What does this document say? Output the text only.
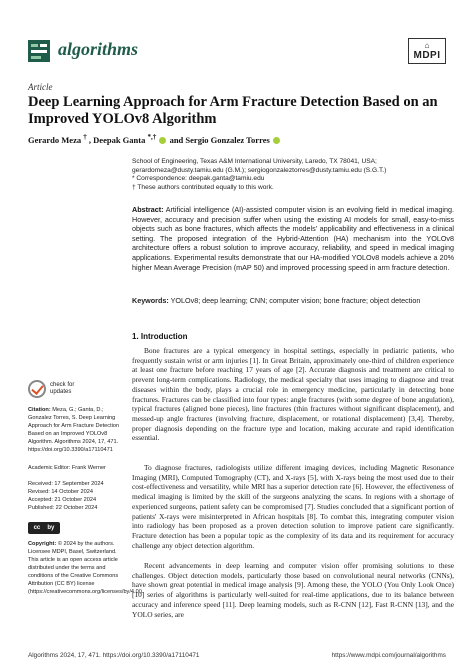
algorithms	⌂
MDPI
Article
Deep Learning Approach for Arm Fracture Detection Based on an Improved YOLOv8 Algorithm
Gerardo Meza † , Deepak Ganta *,†  and Sergio Gonzalez Torres
School of Engineering, Texas A&M International University, Laredo, TX 78041, USA;
gerardomeza@dusty.tamiu.edu (G.M.); sergiogonzaleztorres@dusty.tamiu.edu (S.G.T.)
* Correspondence: deepak.ganta@tamiu.edu
† These authors contributed equally to this work.
Abstract: Artificial intelligence (AI)-assisted computer vision is an evolving field in medical imaging. However, accuracy and precision suffer when using the existing AI models for small, easy-to-miss objects such as bone fractures, which affects the models' applicability and effectiveness in a clinical setting. The proposed integration of the Hybrid-Attention (HA) mechanism into the YOLOv8 architecture offers a robust solution to improve accuracy, reliability, and speed in medical imaging applications. Experimental results demonstrate that our HA-modified YOLOv8 models achieve a 20% higher Mean Average Precision (mAP 50) and improved processing speed in arm fracture detection.
Keywords: YOLOv8; deep learning; CNN; computer vision; bone fracture; object detection
check for
updates
Citation: Meza, G.; Ganta, D.; Gonzalez Torres, S. Deep Learning Approach for Arm Fracture Detection Based on an Improved YOLOv8 Algorithm. Algorithms 2024, 17, 471. https://doi.org/10.3390/a17110471
Academic Editor: Frank Werner
Received: 17 September 2024
Revised: 14 October 2024
Accepted: 21 October 2024
Published: 22 October 2024
cc by
Copyright: © 2024 by the authors. Licensee MDPI, Basel, Switzerland. This article is an open access article distributed under the terms and conditions of the Creative Commons Attribution (CC BY) license (https://creativecommons.org/licenses/by/4.0/).
1. Introduction
Bone fractures are a typical emergency in hospital settings, especially in pediatric patients, who frequently sustain wrist or arm injuries [1]. In Great Britain, approximately one-third of children experience at least one fracture before reaching 17 years of age [2]. Accurate diagnosis and treatment are critical to prevent long-term complications. Radiology, the medical specialty that uses imaging to diagnose and treat diseases within the body, plays a crucial role in emergency medicine, particularly in detecting bone fractures. Fractures can be classified into four types: angle fractures (with some degree of bone angulation), typical fractures (aligned bone pieces), line fractures (thin fractures without significant displacement), and messed-up angle fractures (involving fracture, displacement, or rotational displacement) [3,4]. Thereby, proper diagnosis depending on the fracture type and location, making accurate and rapid identification essential.
To diagnose fractures, radiologists utilize different imaging devices, including Magnetic Resonance Imaging (MRI), Computed Tomography (CT), and X-rays [5], with X-rays being the most used due to their cost-effectiveness and versatility, while MRI has a superior detection rate [6]. However, the effectiveness of medical imaging is limited by the skill of the surgeons analyzing the scans. In regions with a shortage of experienced surgeons, patient safety can be compromised [7]. Studies concluded that a significant portion of patients' X-rays were misinterpreted in African hospitals [8]. To combat this, integrating computer vision into radiology has been proposed as a proven detection solution to improve patient care significantly. Fracture detection has been a popular topic as the complexity of its data and its requirement for accuracy challenge any object detection algorithm.
Recent advancements in deep learning and computer vision offer promising solutions to these challenges. Object detection models, particularly those based on convolutional neural networks (CNNs), have shown great potential in medical image analysis [9]. Among these, the YOLO (You Only Look Once) [10] series of algorithms is particularly well-suited for real-time applications, due to its balance between accuracy and inference speed [11]. Deep learning models, such as R-CNN [12], Fast R-CNN [13], and the YOLO series, are
Algorithms 2024, 17, 471. https://doi.org/10.3390/a17110471	https://www.mdpi.com/journal/algorithms
